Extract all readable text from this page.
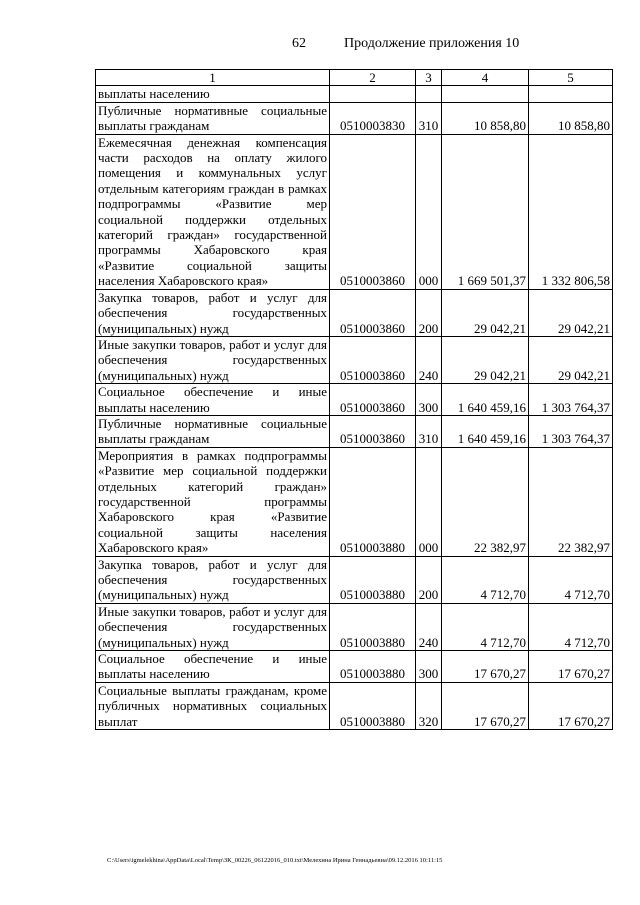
62	Продолжение приложения 10
1	2	3	4	5
выплаты населению				
Публичные нормативные социальные выплаты гражданам	0510003830	310	10 858,80	10 858,80
Ежемесячная денежная компенсация части расходов на оплату жилого помещения и коммунальных услуг отдельным категориям граждан в рамках подпрограммы «Развитие мер социальной поддержки отдельных категорий граждан» государственной программы Хабаровского края «Развитие социальной защиты населения Хабаровского края»	0510003860	000	1 669 501,37	1 332 806,58
Закупка товаров, работ и услуг для обеспечения государственных (муниципальных) нужд	0510003860	200	29 042,21	29 042,21
Иные закупки товаров, работ и услуг для обеспечения государственных (муниципальных) нужд	0510003860	240	29 042,21	29 042,21
Социальное обеспечение и иные выплаты населению	0510003860	300	1 640 459,16	1 303 764,37
Публичные нормативные социальные выплаты гражданам	0510003860	310	1 640 459,16	1 303 764,37
Мероприятия в рамках подпрограммы «Развитие мер социальной поддержки отдельных категорий граждан» государственной программы Хабаровского края «Развитие социальной защиты населения Хабаровского края»	0510003880	000	22 382,97	22 382,97
Закупка товаров, работ и услуг для обеспечения государственных (муниципальных) нужд	0510003880	200	4 712,70	4 712,70
Иные закупки товаров, работ и услуг для обеспечения государственных (муниципальных) нужд	0510003880	240	4 712,70	4 712,70
Социальное обеспечение и иные выплаты населению	0510003880	300	17 670,27	17 670,27
Социальные выплаты гражданам, кроме публичных нормативных социальных выплат	0510003880	320	17 670,27	17 670,27
C:\Users\igmelekhina\AppData\Local\Temp\ЗК_00226_06122016_010.txt\Мелехина Ирина Геннадьевна\09.12.2016 10:11:15
